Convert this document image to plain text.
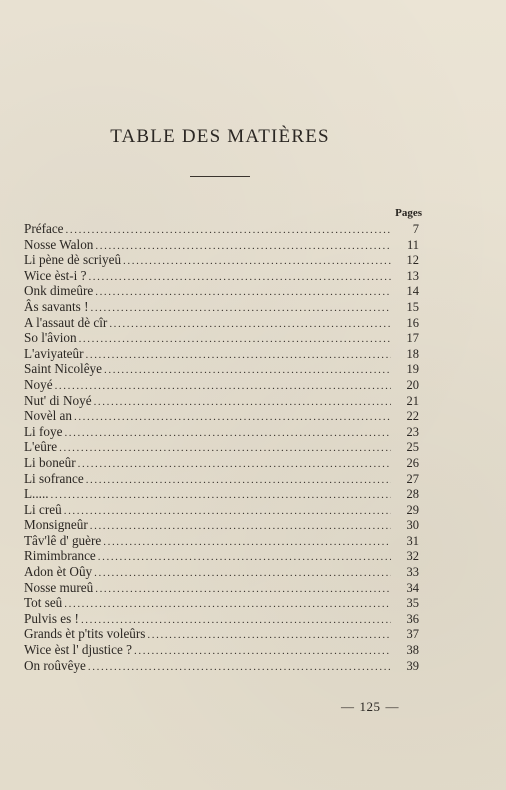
TABLE DES MATIÈRES
Pages
Préface .....	7
Nosse Walon .....	11
Li pène dè scriyeû .....	12
Wice èst-i ? .....	13
Onk dimeûre .....	14
Âs savants ! .....	15
A l'assaut dè cîr .....	16
So l'âvion .....	17
L'aviyateûr .....	18
Saint Nicolêye .....	19
Noyé .....	20
Nut' di Noyé .....	21
Novèl an .....	22
Li foye .....	23
L'eûre .....	25
Li boneûr .....	26
Li sofrance .....	27
L..... .....	28
Li creû .....	29
Monsigneûr .....	30
Tâv'lê d' guère .....	31
Rimimbrance .....	32
Adon èt Oûy .....	33
Nosse mureû .....	34
Tot seû .....	35
Pulvis es ! .....	36
Grands èt p'tits voleûrs .....	37
Wice èst l' djustice ? .....	38
On roûvêye .....	39
— 125 —
